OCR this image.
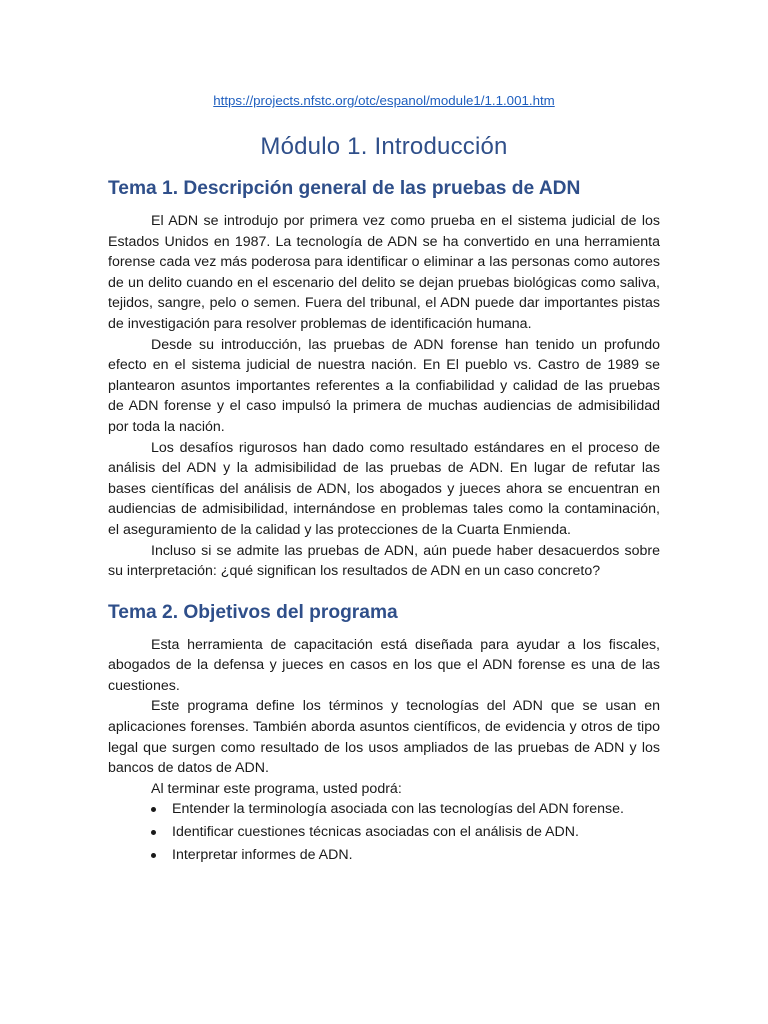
https://projects.nfstc.org/otc/espanol/module1/1.1.001.htm
Módulo 1. Introducción
Tema 1. Descripción general de las pruebas de ADN

El ADN se introdujo por primera vez como prueba en el sistema judicial de los Estados Unidos en 1987. La tecnología de ADN se ha convertido en una herramienta forense cada vez más poderosa para identificar o eliminar a las personas como autores de un delito cuando en el escenario del delito se dejan pruebas biológicas como saliva, tejidos, sangre, pelo o semen. Fuera del tribunal, el ADN puede dar importantes pistas de investigación para resolver problemas de identificación humana.

Desde su introducción, las pruebas de ADN forense han tenido un profundo efecto en el sistema judicial de nuestra nación. En El pueblo vs. Castro de 1989 se plantearon asuntos importantes referentes a la confiabilidad y calidad de las pruebas de ADN forense y el caso impulsó la primera de muchas audiencias de admisibilidad por toda la nación.

Los desafíos rigurosos han dado como resultado estándares en el proceso de análisis del ADN y la admisibilidad de las pruebas de ADN. En lugar de refutar las bases científicas del análisis de ADN, los abogados y jueces ahora se encuentran en audiencias de admisibilidad, internándose en problemas tales como la contaminación, el aseguramiento de la calidad y las protecciones de la Cuarta Enmienda.

Incluso si se admite las pruebas de ADN, aún puede haber desacuerdos sobre su interpretación: ¿qué significan los resultados de ADN en un caso concreto?

Tema 2. Objetivos del programa

Esta herramienta de capacitación está diseñada para ayudar a los fiscales, abogados de la defensa y jueces en casos en los que el ADN forense es una de las cuestiones.

Este programa define los términos y tecnologías del ADN que se usan en aplicaciones forenses. También aborda asuntos científicos, de evidencia y otros de tipo legal que surgen como resultado de los usos ampliados de las pruebas de ADN y los bancos de datos de ADN.

Al terminar este programa, usted podrá:

Entender la terminología asociada con las tecnologías del ADN forense.
Identificar cuestiones técnicas asociadas con el análisis de ADN.
Interpretar informes de ADN.
